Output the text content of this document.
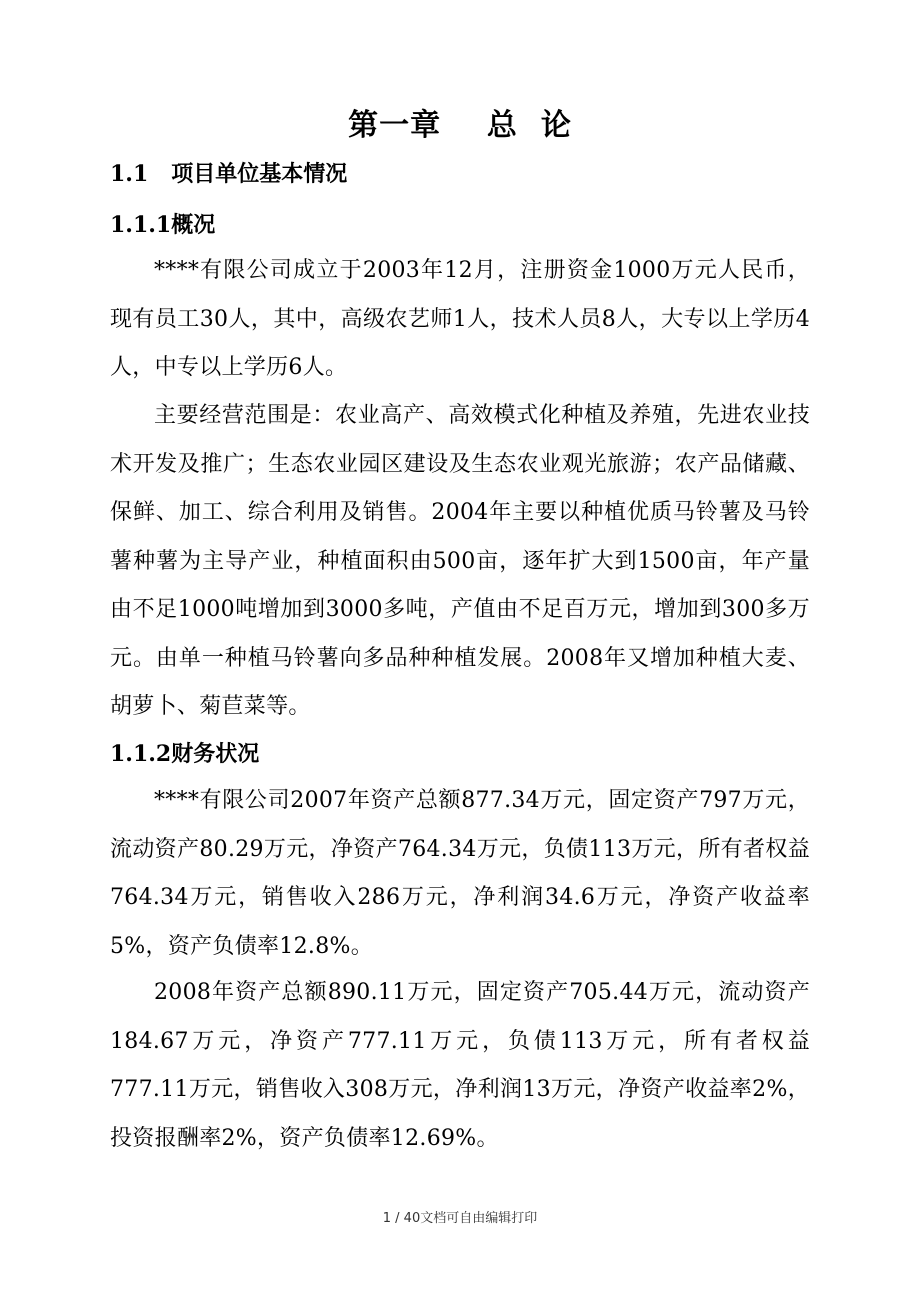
第一章    总  论
1.1   项目单位基本情况
1.1.1概况

****有限公司成立于2003年12月，注册资金1000万元人民币，现有员工30人，其中，高级农艺师1人，技术人员8人，大专以上学历4人，中专以上学历6人。

主要经营范围是：农业高产、高效模式化种植及养殖，先进农业技术开发及推广；生态农业园区建设及生态农业观光旅游；农产品储藏、保鲜、加工、综合利用及销售。2004年主要以种植优质马铃薯及马铃薯种薯为主导产业，种植面积由500亩，逐年扩大到1500亩，年产量由不足1000吨增加到3000多吨，产值由不足百万元，增加到300多万元。由单一种植马铃薯向多品种种植发展。2008年又增加种植大麦、胡萝卜、菊苣菜等。

1.1.2财务状况

****有限公司2007年资产总额877.34万元，固定资产797万元，流动资产80.29万元，净资产764.34万元，负债113万元，所有者权益764.34万元，销售收入286万元，净利润34.6万元，净资产收益率5%，资产负债率12.8%。

2008年资产总额890.11万元，固定资产705.44万元，流动资产184.67万元，净资产777.11万元，负债113万元，所有者权益777.11万元，销售收入308万元，净利润13万元，净资产收益率2%，投资报酬率2%，资产负债率12.69%。

1 / 40文档可自由编辑打印
